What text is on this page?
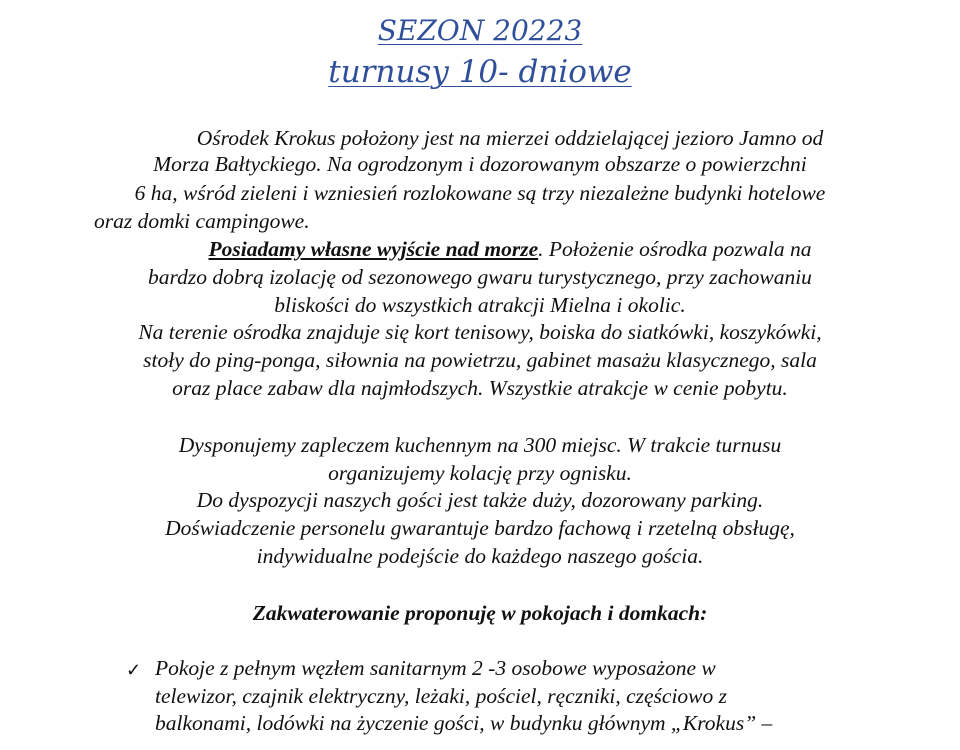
SEZON 20223
turnusy 10- dniowe
Ośrodek Krokus położony jest na mierzei oddzielającej jezioro Jamno od
Morza Bałtyckiego. Na ogrodzonym i dozorowanym obszarze o powierzchni
6 ha, wśród zieleni i wzniesień rozlokowane są trzy niezależne budynki hotelowe
oraz domki campingowe.
Posiadamy własne wyjście nad morze. Położenie ośrodka pozwala na
bardzo dobrą izolację od sezonowego gwaru turystycznego, przy zachowaniu
bliskości do wszystkich atrakcji Mielna i okolic.
Na terenie ośrodka znajduje się kort tenisowy, boiska do siatkówki, koszykówki,
stoły do ping-ponga, siłownia na powietrzu, gabinet masażu klasycznego, sala
oraz place zabaw dla najmłodszych. Wszystkie atrakcje w cenie pobytu.
Dysponujemy zapleczem kuchennym na 300 miejsc. W trakcie turnusu
organizujemy kolację przy ognisku.
Do dyspozycji naszych gości jest także duży, dozorowany parking.
Doświadczenie personelu gwarantuje bardzo fachową i rzetelną obsługę,
indywidualne podejście do każdego naszego gościa.
Zakwaterowanie proponuję w pokojach i domkach:
✓ Pokoje z pełnym węzłem sanitarnym 2 -3 osobowe wyposażone w
telewizor, czajnik elektryczny, leżaki, pościel, ręczniki, częściowo z
balkonami, lodówki na życzenie gości, w budynku głównym „Krokus” –
